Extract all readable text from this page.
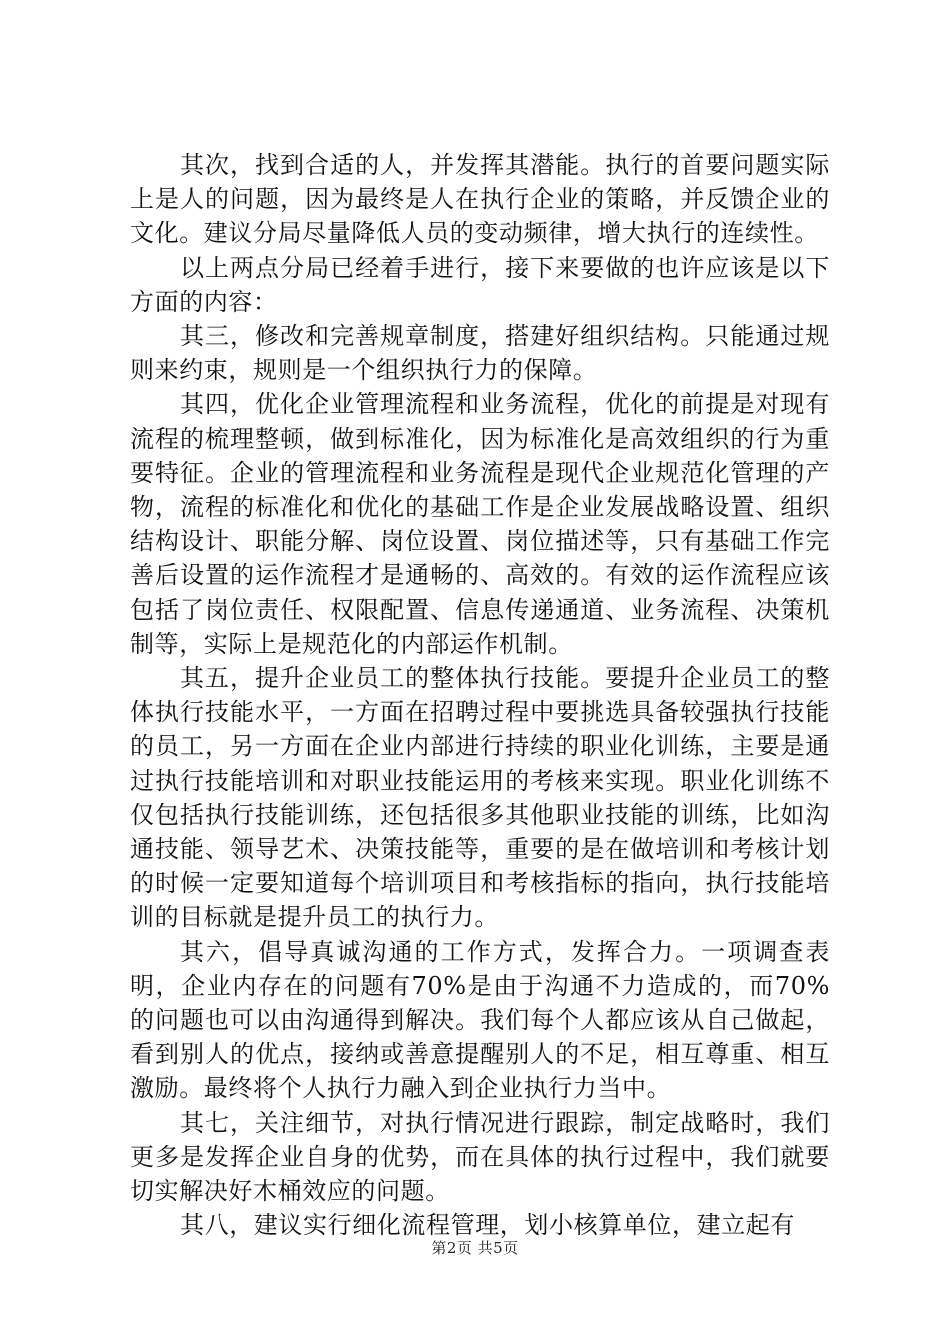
其次，找到合适的人，并发挥其潜能。执行的首要问题实际上是人的问题，因为最终是人在执行企业的策略，并反馈企业的文化。建议分局尽量降低人员的变动频律，增大执行的连续性。

以上两点分局已经着手进行，接下来要做的也许应该是以下方面的内容：

其三，修改和完善规章制度，搭建好组织结构。只能通过规则来约束，规则是一个组织执行力的保障。

其四，优化企业管理流程和业务流程，优化的前提是对现有流程的梳理整顿，做到标准化，因为标准化是高效组织的行为重要特征。企业的管理流程和业务流程是现代企业规范化管理的产物，流程的标准化和优化的基础工作是企业发展战略设置、组织结构设计、职能分解、岗位设置、岗位描述等，只有基础工作完善后设置的运作流程才是通畅的、高效的。有效的运作流程应该包括了岗位责任、权限配置、信息传递通道、业务流程、决策机制等，实际上是规范化的内部运作机制。

其五，提升企业员工的整体执行技能。要提升企业员工的整体执行技能水平，一方面在招聘过程中要挑选具备较强执行技能的员工，另一方面在企业内部进行持续的职业化训练，主要是通过执行技能培训和对职业技能运用的考核来实现。职业化训练不仅包括执行技能训练，还包括很多其他职业技能的训练，比如沟通技能、领导艺术、决策技能等，重要的是在做培训和考核计划的时候一定要知道每个培训项目和考核指标的指向，执行技能培训的目标就是提升员工的执行力。

其六，倡导真诚沟通的工作方式，发挥合力。一项调查表明，企业内存在的问题有70%是由于沟通不力造成的，而70%的问题也可以由沟通得到解决。我们每个人都应该从自己做起，看到别人的优点，接纳或善意提醒别人的不足，相互尊重、相互激励。最终将个人执行力融入到企业执行力当中。

其七，关注细节，对执行情况进行跟踪，制定战略时，我们更多是发挥企业自身的优势，而在具体的执行过程中，我们就要切实解决好木桶效应的问题。

其八，建议实行细化流程管理，划小核算单位，建立起有

第2页 共5页
